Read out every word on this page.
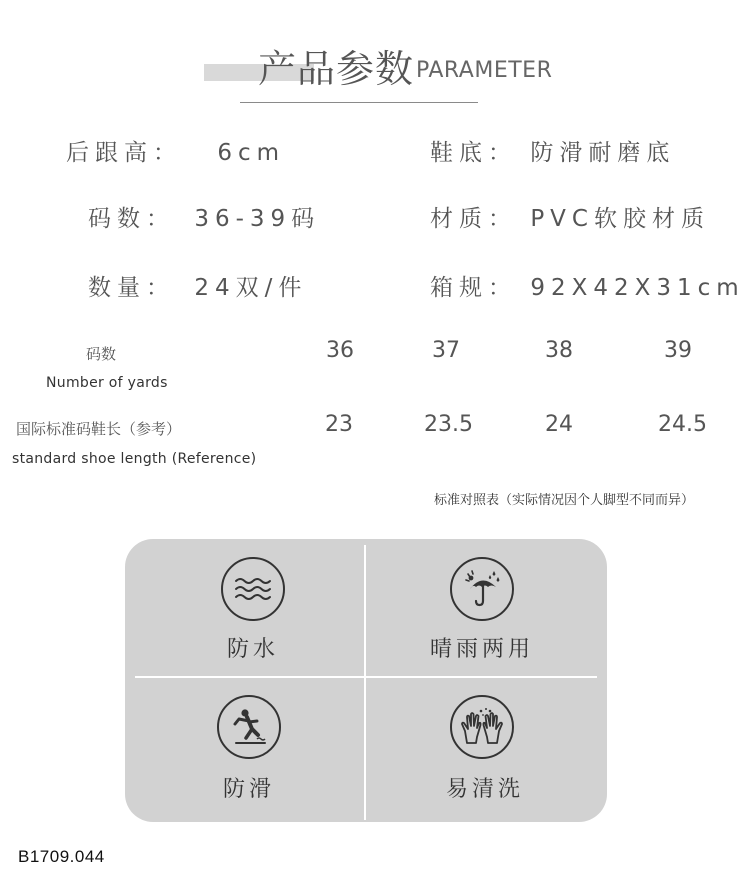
产品参数 PARAMETER
后跟高： 6cm	鞋底： 防滑耐磨底
码数： 36-39码	材质： PVC软胶材质
数量： 24双/件	箱规： 92X42X31cm
码数
Number of yards
36	37	38	39
国际标准码鞋长（参考）
standard shoe length (Reference)
23	23.5	24	24.5
标准对照表（实际情况因个人脚型不同而异）
防水	晴雨两用
防滑	易清洗
B1709.044
